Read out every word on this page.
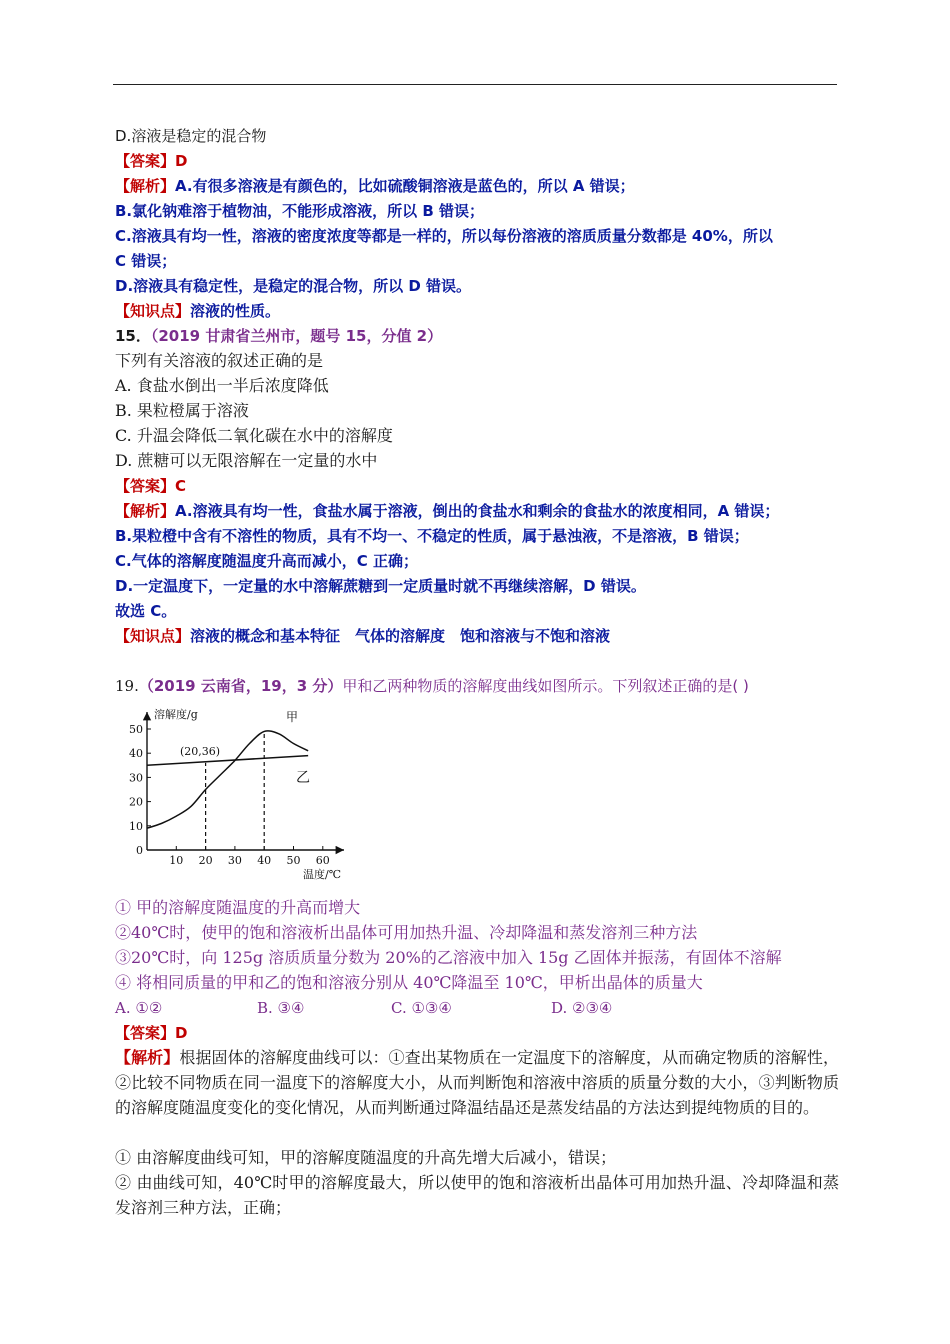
D.溶液是稳定的混合物
【答案】D
【解析】A.有很多溶液是有颜色的，比如硫酸铜溶液是蓝色的，所以 A 错误；
B.氯化钠难溶于植物油，不能形成溶液，所以 B 错误；
C.溶液具有均一性，溶液的密度浓度等都是一样的，所以每份溶液的溶质质量分数都是 40%，所以
C 错误；
D.溶液具有稳定性，是稳定的混合物，所以 D 错误。
【知识点】溶液的性质。
15．（2019 甘肃省兰州市，题号 15，分值 2）
下列有关溶液的叙述正确的是
A. 食盐水倒出一半后浓度降低
B. 果粒橙属于溶液
C. 升温会降低二氧化碳在水中的溶解度
D. 蔗糖可以无限溶解在一定量的水中
【答案】C
【解析】A.溶液具有均一性，食盐水属于溶液，倒出的食盐水和剩余的食盐水的浓度相同，A 错误；
B.果粒橙中含有不溶性的物质，具有不均一、不稳定的性质，属于悬浊液，不是溶液，B 错误；
C.气体的溶解度随温度升高而减小，C 正确；
D.一定温度下，一定量的水中溶解蔗糖到一定质量时就不再继续溶解，D 错误。
故选 C。
【知识点】溶液的概念和基本特征　气体的溶解度　饱和溶液与不饱和溶液
19.（2019 云南省，19，3 分）甲和乙两种物质的溶解度曲线如图所示。下列叙述正确的是( )
0
10
20
30
40
50
10 20 30 40 50 60
溶解度/g
温度/℃
(20,36)
甲
乙
① 甲的溶解度随温度的升高而增大
②40℃时，使甲的饱和溶液析出晶体可用加热升温、冷却降温和蒸发溶剂三种方法
③20℃时，向 125g 溶质质量分数为 20%的乙溶液中加入 15g 乙固体并振荡，有固体不溶解
④ 将相同质量的甲和乙的饱和溶液分别从 40℃降温至 10℃，甲析出晶体的质量大
A. ①②	B. ③④	C. ①③④	D. ②③④
【答案】D
【解析】根据固体的溶解度曲线可以：①查出某物质在一定温度下的溶解度，从而确定物质的溶解性，②比较不同物质在同一温度下的溶解度大小，从而判断饱和溶液中溶质的质量分数的大小，③判断物质的溶解度随温度变化的变化情况，从而判断通过降温结晶还是蒸发结晶的方法达到提纯物质的目的。
① 由溶解度曲线可知，甲的溶解度随温度的升高先增大后减小，错误；
② 由曲线可知，40℃时甲的溶解度最大，所以使甲的饱和溶液析出晶体可用加热升温、冷却降温和蒸发溶剂三种方法，正确；
